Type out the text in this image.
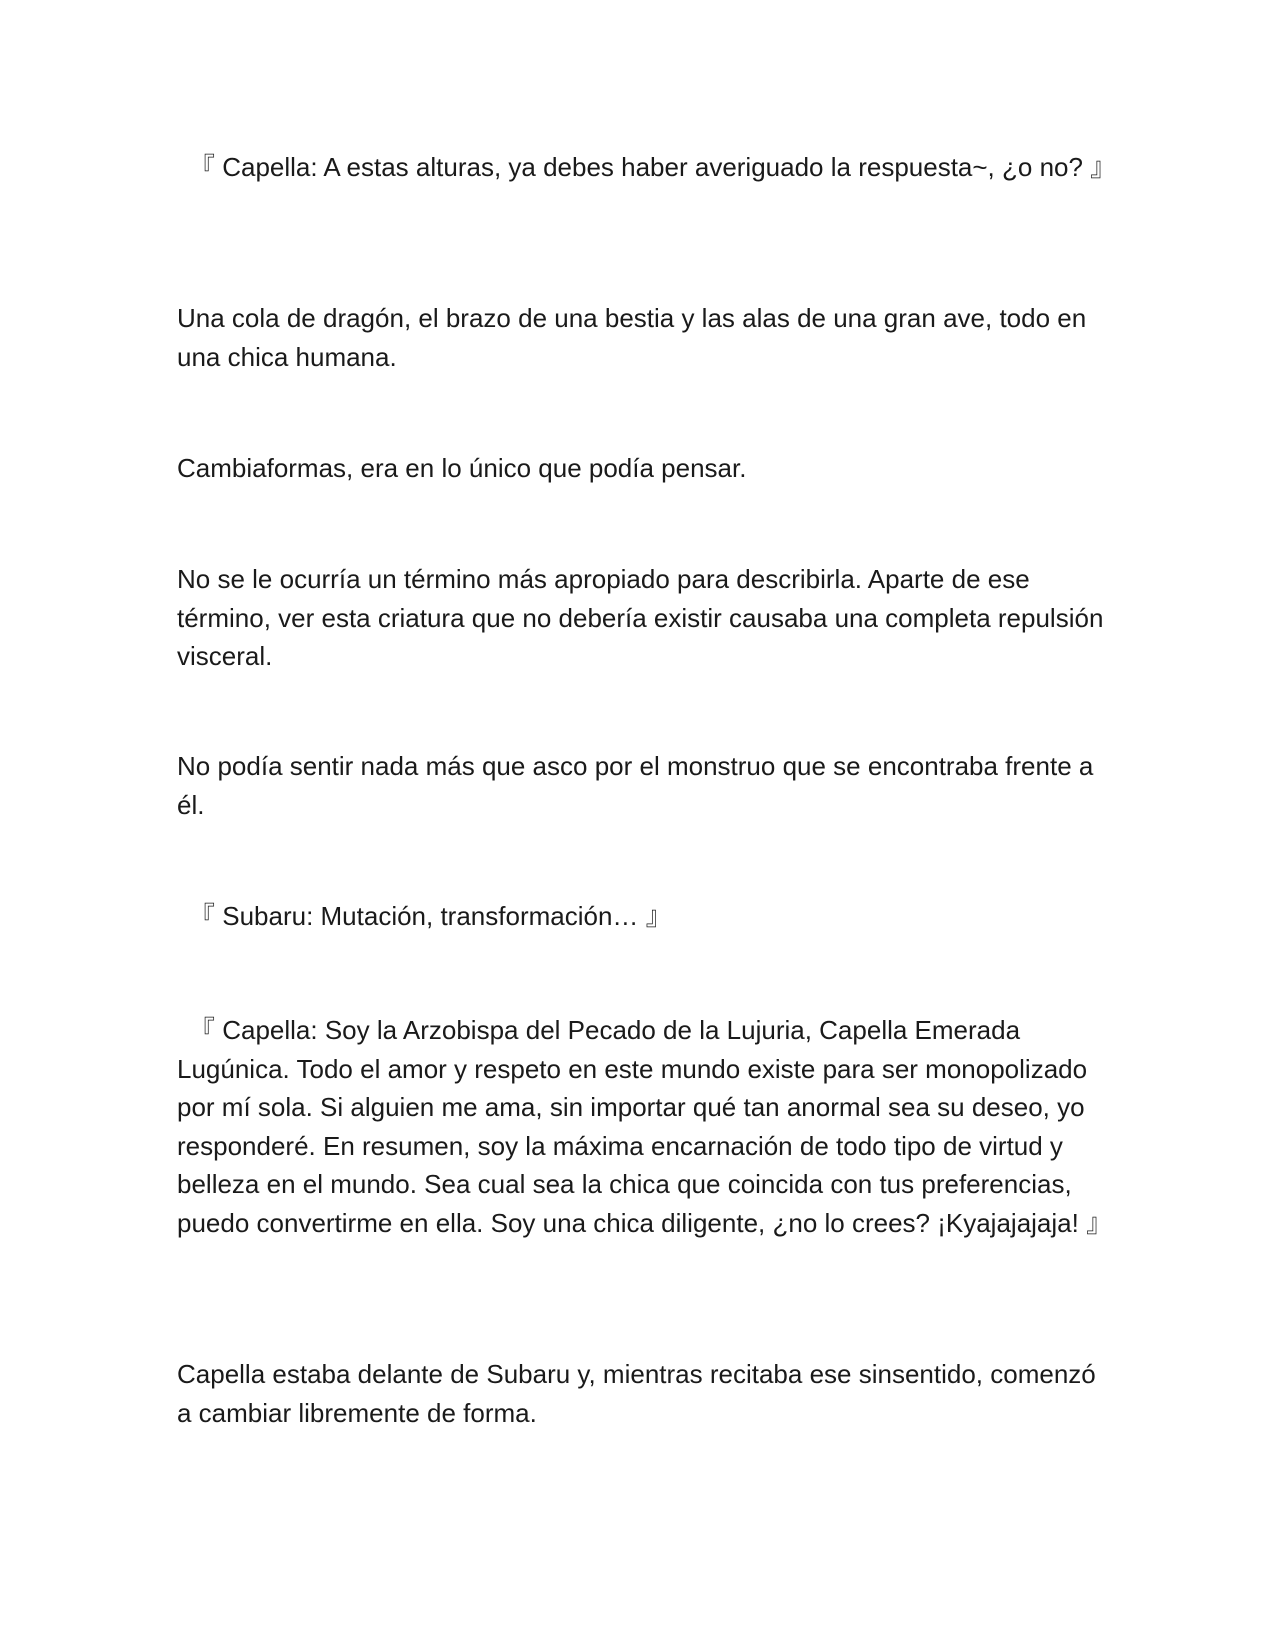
『 Capella: A estas alturas, ya debes haber averiguado la respuesta~, ¿o no? 』

Una cola de dragón, el brazo de una bestia y las alas de una gran ave, todo en una chica humana.

Cambiaformas, era en lo único que podía pensar.

No se le ocurría un término más apropiado para describirla. Aparte de ese término, ver esta criatura que no debería existir causaba una completa repulsión visceral.

No podía sentir nada más que asco por el monstruo que se encontraba frente a él.

『 Subaru: Mutación, transformación… 』

『 Capella: Soy la Arzobispa del Pecado de la Lujuria, Capella Emerada Lugúnica. Todo el amor y respeto en este mundo existe para ser monopolizado por mí sola. Si alguien me ama, sin importar qué tan anormal sea su deseo, yo responderé. En resumen, soy la máxima encarnación de todo tipo de virtud y belleza en el mundo. Sea cual sea la chica que coincida con tus preferencias, puedo convertirme en ella. Soy una chica diligente, ¿no lo crees? ¡Kyajajajaja! 』

Capella estaba delante de Subaru y, mientras recitaba ese sinsentido, comenzó a cambiar libremente de forma.
